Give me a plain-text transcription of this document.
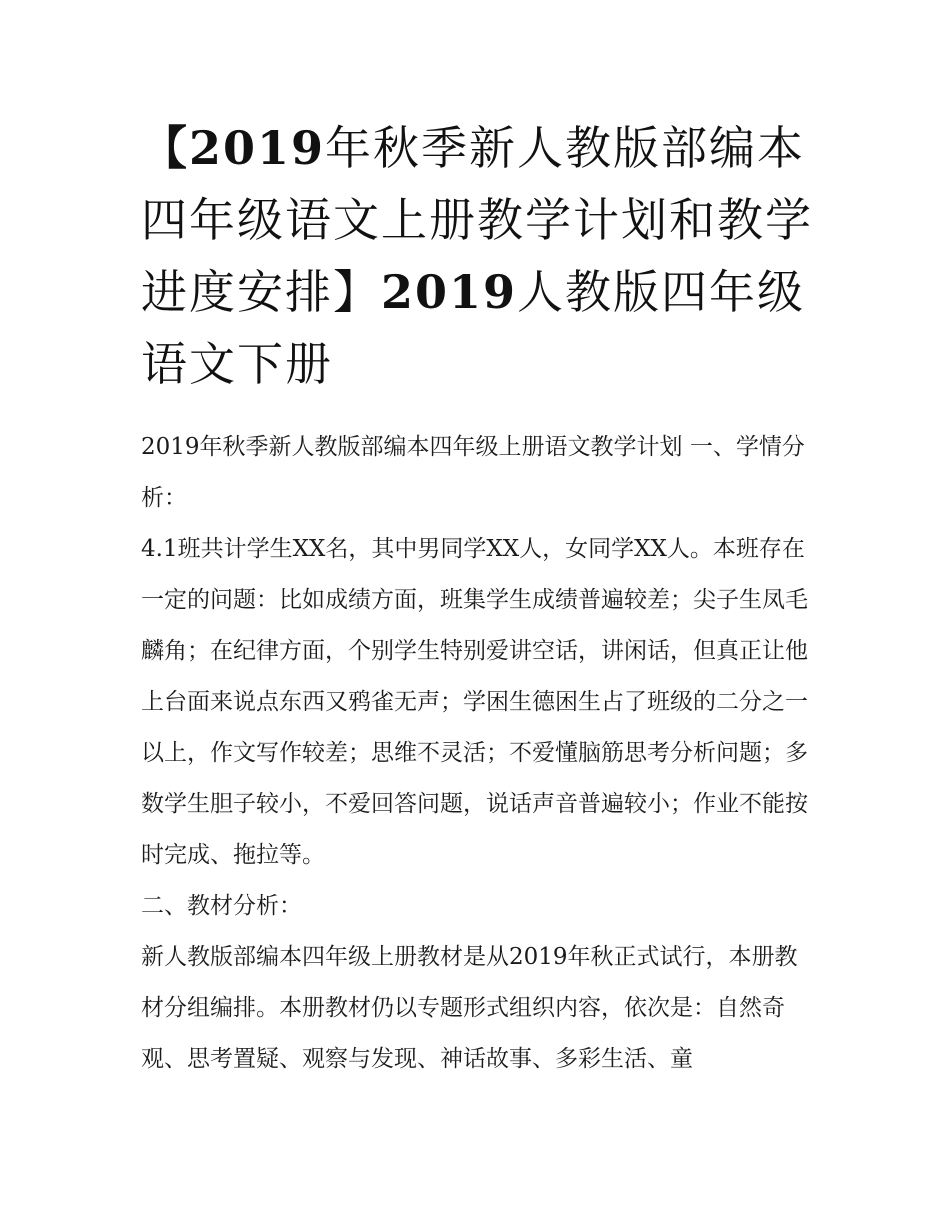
【2019年秋季新人教版部编本四年级语文上册教学计划和教学进度安排】2019人教版四年级语文下册

2019年秋季新人教版部编本四年级上册语文教学计划 一、学情分析：

4.1班共计学生XX名，其中男同学XX人，女同学XX人。本班存在一定的问题：比如成绩方面，班集学生成绩普遍较差；尖子生凤毛麟角；在纪律方面，个别学生特别爱讲空话，讲闲话，但真正让他上台面来说点东西又鸦雀无声；学困生德困生占了班级的二分之一以上，作文写作较差；思维不灵活；不爱懂脑筋思考分析问题；多数学生胆子较小，不爱回答问题，说话声音普遍较小；作业不能按时完成、拖拉等。

二、教材分析：

新人教版部编本四年级上册教材是从2019年秋正式试行，本册教材分组编排。本册教材仍以专题形式组织内容，依次是：自然奇观、思考置疑、观察与发现、神话故事、多彩生活、童
